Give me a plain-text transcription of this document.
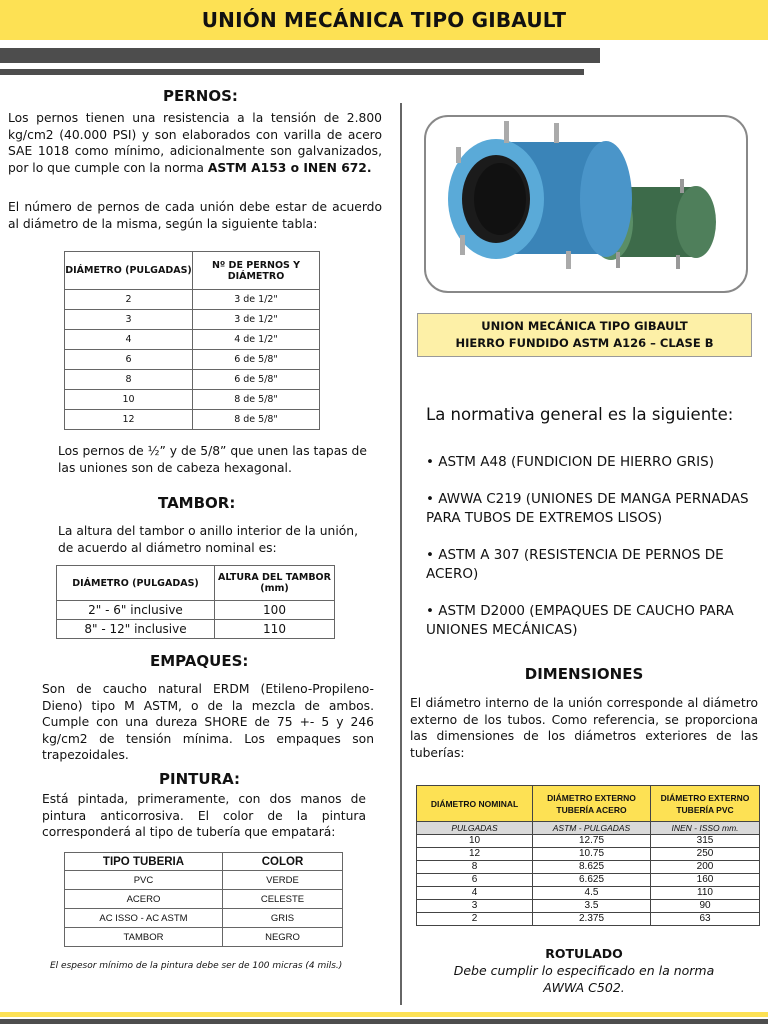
UNIÓN MECÁNICA TIPO GIBAULT

PERNOS:

Los pernos tienen una resistencia a la tensión de 2.800 kg/cm2 (40.000 PSI) y son elaborados con varilla de acero SAE 1018 como mínimo, adicionalmente son galvanizados, por lo que cumple con la norma ASTM A153 o INEN 672.

El número de pernos de cada unión debe estar de acuerdo al diámetro de la misma, según la siguiente tabla:

DIÁMETRO (PULGADAS)	Nº DE PERNOS Y DIÁMETRO
2	3 de 1/2"
3	3 de 1/2"
4	4 de 1/2"
6	6 de 5/8"
8	6 de 5/8"
10	8 de 5/8"
12	8 de 5/8"

Los pernos de ½” y de 5/8” que unen las tapas de las uniones son de cabeza hexagonal.

TAMBOR:

La altura del tambor o anillo interior de la unión, de acuerdo al diámetro nominal es:

DIÁMETRO (PULGADAS)	ALTURA DEL TAMBOR (mm)
2" - 6" inclusive	100
8" - 12" inclusive	110

EMPAQUES:

Son de caucho natural ERDM (Etileno-Propileno-Dieno) tipo M ASTM, o de la mezcla de ambos. Cumple con una dureza SHORE de 75 +- 5 y 246 kg/cm2 de tensión mínima. Los empaques son trapezoidales.

PINTURA:

Está pintada, primeramente, con dos manos de pintura anticorrosiva. El color de la pintura corresponderá al tipo de tubería que empatará:

TIPO TUBERIA	COLOR
PVC	VERDE
ACERO	CELESTE
AC ISSO - AC ASTM	GRIS
TAMBOR	NEGRO
El espesor mínimo de la pintura debe ser de 100 micras (4 mils.)
UNION MECÁNICA TIPO GIBAULT
HIERRO FUNDIDO ASTM A126 – CLASE B
La normativa general es la siguiente:

• ASTM A48 (FUNDICION DE HIERRO GRIS)

• AWWA C219 (UNIONES DE MANGA PERNADAS PARA TUBOS DE EXTREMOS LISOS)

• ASTM A 307 (RESISTENCIA DE PERNOS DE ACERO)

• ASTM D2000 (EMPAQUES DE CAUCHO PARA UNIONES MECÁNICAS)

DIMENSIONES

El diámetro interno de la unión corresponde al diámetro externo de los tubos. Como referencia, se proporciona las dimensiones de los diámetros exteriores de las tuberías:

DIÁMETRO NOMINAL	DIÁMETRO EXTERNO TUBERÍA ACERO	DIÁMETRO EXTERNO TUBERÍA PVC
PULGADAS	ASTM - PULGADAS	INEN - ISSO mm.
10	12.75	315
12	10.75	250
8	8.625	200
6	6.625	160
4	4.5	110
3	3.5	90
2	2.375	63
ROTULADO
Debe cumplir lo especificado en la norma
AWWA C502.
